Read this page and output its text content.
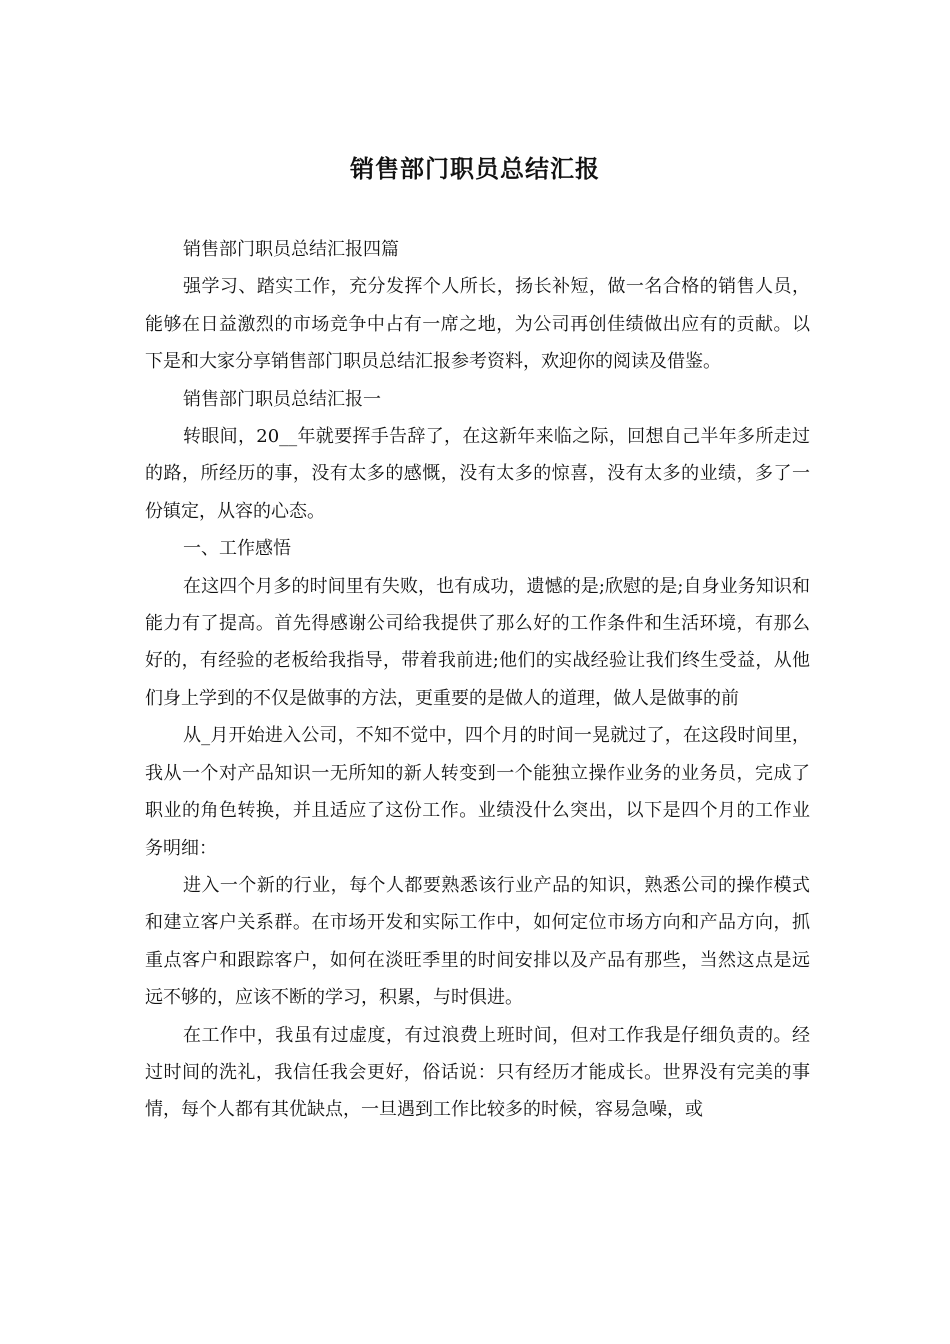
销售部门职员总结汇报

销售部门职员总结汇报四篇

强学习、踏实工作，充分发挥个人所长，扬长补短，做一名合格的销售人员，能够在日益激烈的市场竞争中占有一席之地，为公司再创佳绩做出应有的贡献。以下是和大家分享销售部门职员总结汇报参考资料，欢迎你的阅读及借鉴。

销售部门职员总结汇报一

转眼间，20__年就要挥手告辞了，在这新年来临之际，回想自己半年多所走过的路，所经历的事，没有太多的感慨，没有太多的惊喜，没有太多的业绩，多了一份镇定，从容的心态。

一、工作感悟

在这四个月多的时间里有失败，也有成功，遗憾的是;欣慰的是;自身业务知识和能力有了提高。首先得感谢公司给我提供了那么好的工作条件和生活环境，有那么好的，有经验的老板给我指导，带着我前进;他们的实战经验让我们终生受益，从他们身上学到的不仅是做事的方法，更重要的是做人的道理，做人是做事的前

从_月开始进入公司，不知不觉中，四个月的时间一晃就过了，在这段时间里，我从一个对产品知识一无所知的新人转变到一个能独立操作业务的业务员，完成了职业的角色转换，并且适应了这份工作。业绩没什么突出，以下是四个月的工作业务明细：

进入一个新的行业，每个人都要熟悉该行业产品的知识，熟悉公司的操作模式和建立客户关系群。在市场开发和实际工作中，如何定位市场方向和产品方向，抓重点客户和跟踪客户，如何在淡旺季里的时间安排以及产品有那些，当然这点是远远不够的，应该不断的学习，积累，与时俱进。

在工作中，我虽有过虚度，有过浪费上班时间，但对工作我是仔细负责的。经过时间的洗礼，我信任我会更好，俗话说：只有经历才能成长。世界没有完美的事情，每个人都有其优缺点，一旦遇到工作比较多的时候，容易急噪，或
